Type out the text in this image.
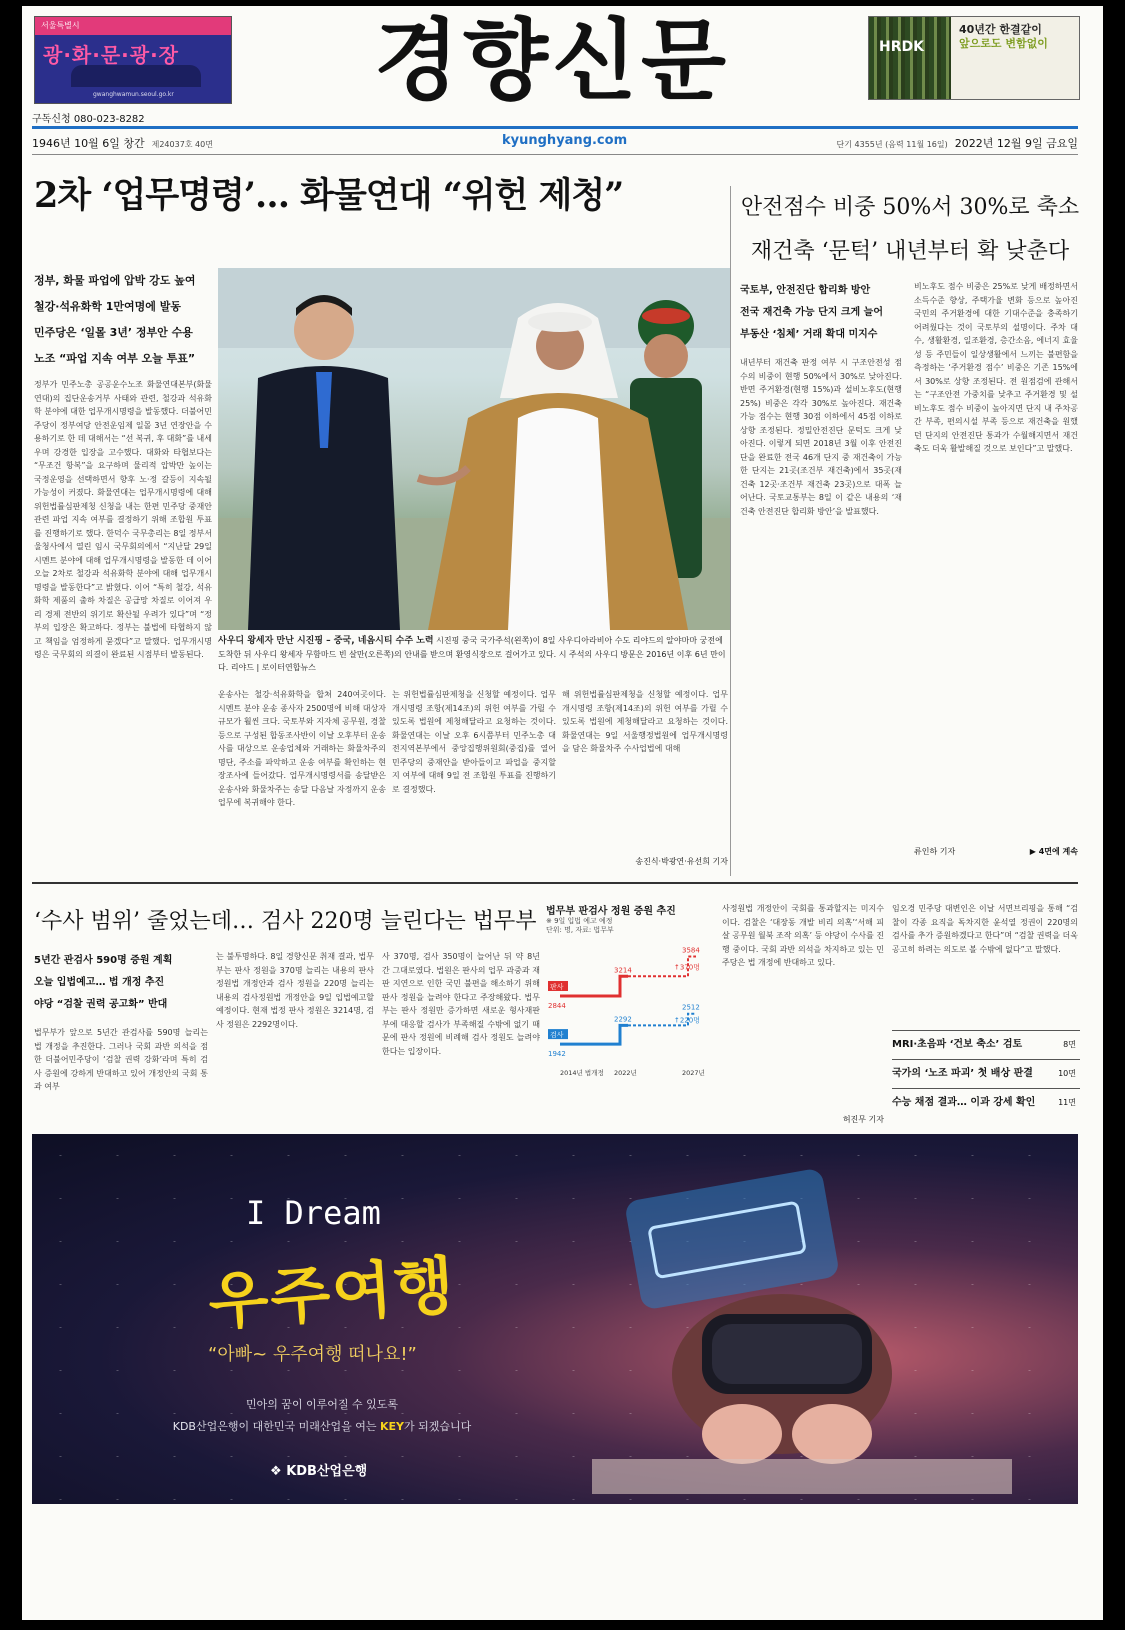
서울특별시
광·화·문·광·장
gwanghwamun.seoul.go.kr	경향신문	HRDK
40년간 한결같이
앞으로도 변함없이
구독신청 080-023-8282
1946년 10월 6일 창간 제24037호 40면	kyunghyang.com	단기 4355년 (음력 11월 16일) 2022년 12월 9일 금요일
2차 ‘업무명령’… 화물연대 “위헌 제청”
정부, 화물 파업에 압박 강도 높여
철강·석유화학 1만여명에 발동
민주당은 ‘일몰 3년’ 정부안 수용
노조 “파업 지속 여부 오늘 투표”
정부가 민주노총 공공운수노조 화물연대본부(화물연대)의 집단운송거부 사태와 관련, 철강과 석유화학 분야에 대한 업무개시명령을 발동했다. 더불어민주당이 정부여당 안전운임제 일몰 3년 연장안을 수용하기로 한 데 대해서는 “선 복귀, 후 대화”를 내세우며 강경한 입장을 고수했다. 대화와 타협보다는 “무조건 항복”을 요구하며 물리적 압박만 높이는 국정운영을 선택하면서 향후 노·정 갈등이 지속될 가능성이 커졌다. 화물연대는 업무개시명령에 대해 위헌법률심판제청 신청을 내는 한편 민주당 중재안 관련 파업 지속 여부를 결정하기 위해 조합원 투표를 진행하기로 했다. 한덕수 국무총리는 8일 정부서울청사에서 열린 임시 국무회의에서 “지난달 29일 시멘트 분야에 대해 업무개시명령을 발동한 데 이어 오늘 2차로 철강과 석유화학 분야에 대해 업무개시명령을 발동한다”고 밝혔다. 이어 “특히 철강, 석유화학 제품의 출하 차질은 공급망 차질로 이어져 우리 경제 전반의 위기로 확산될 우려가 있다”며 “정부의 입장은 확고하다. 정부는 불법에 타협하지 않고 책임을 엄정하게 묻겠다”고 말했다. 업무개시명령은 국무회의 의결이 완료된 시점부터 발동된다.
사우디 왕세자 만난 시진핑 – 중국, 네옴시티 수주 노력 시진핑 중국 국가주석(왼쪽)이 8일 사우디아라비아 수도 리야드의 알야마마 궁전에 도착한 뒤 사우디 왕세자 무함마드 빈 살만(오른쪽)의 안내를 받으며 환영식장으로 걸어가고 있다. 시 주석의 사우디 방문은 2016년 이후 6년 만이다. 리야드 | 로이터연합뉴스
운송사는 철강·석유화학을 합쳐 240여곳이다. 시멘트 분야 운송 종사자 2500명에 비해 대상자 규모가 훨씬 크다. 국토부와 지자체 공무원, 경찰 등으로 구성된 합동조사반이 이날 오후부터 운송사를 대상으로 운송업체와 거래하는 화물차주의 명단, 주소를 파악하고 운송 여부를 확인하는 현장조사에 들어갔다. 업무개시명령서를 송달받은 운송사와 화물차주는 송달 다음날 자정까지 운송업무에 복귀해야 한다.
는 위헌법률심판제청을 신청할 예정이다. 업무개시명령 조항(제14조)의 위헌 여부를 가릴 수 있도록 법원에 제청해달라고 요청하는 것이다. 화물연대는 이날 오후 6시쯤부터 민주노총 대전지역본부에서 중앙집행위원회(중집)를 열어 민주당의 중재안을 받아들이고 파업을 중지할지 여부에 대해 9일 전 조합원 투표를 진행하기로 결정했다.
해 위헌법률심판제청을 신청할 예정이다. 업무개시명령 조항(제14조)의 위헌 여부를 가릴 수 있도록 법원에 제청해달라고 요청하는 것이다. 화물연대는 9일 서울행정법원에 업무개시명령을 담은 화물차주 수사업법에 대해
송진식·박광연·유선희 기자
안전점수 비중 50%서 30%로 축소
재건축 ‘문턱’ 내년부터 확 낮춘다
국토부, 안전진단 합리화 방안
전국 재건축 가능 단지 크게 늘어
부동산 ‘침체’ 거래 확대 미지수
내년부터 재건축 판정 여부 시 구조안전성 점수의 비중이 현행 50%에서 30%로 낮아진다. 반면 주거환경(현행 15%)과 설비노후도(현행 25%) 비중은 각각 30%로 높아진다. 재건축 가능 점수는 현행 30점 이하에서 45점 이하로 상향 조정된다. 정밀안전진단 문턱도 크게 낮아진다. 이렇게 되면 2018년 3월 이후 안전진단을 완료한 전국 46개 단지 중 재건축이 가능한 단지는 21곳(조건부 재건축)에서 35곳(재건축 12곳·조건부 재건축 23곳)으로 대폭 늘어난다. 국토교통부는 8일 이 같은 내용의 ‘재건축 안전진단 합리화 방안’을 발표했다.
비노후도 점수 비중은 25%로 낮게 배정하면서 소득수준 향상, 주택가율 변화 등으로 높아진 국민의 주거환경에 대한 기대수준을 충족하기 어려웠다는 것이 국토부의 설명이다. 주차 대수, 생활환경, 일조환경, 층간소음, 에너지 효율성 등 주민들이 일상생활에서 느끼는 불편함을 측정하는 ‘주거환경 점수’ 비중은 기존 15%에서 30%로 상향 조정된다. 전 원점검에 관해서는 “구조안전 가중치를 낮추고 주거환경 및 설비노후도 점수 비중이 높아지면 단지 내 주차공간 부족, 편의시설 부족 등으로 재건축을 원했던 단지의 안전진단 통과가 수월해지면서 재건축도 더욱 활발해질 것으로 보인다”고 말했다.
류인하 기자	▶ 4면에 계속
‘수사 범위’ 줄었는데… 검사 220명 늘린다는 법무부
5년간 관검사 590명 증원 계획
오늘 입법예고… 법 개정 추진
야당 “검찰 권력 공고화” 반대
법무부가 앞으로 5년간 관검사를 590명 늘리는 법 개정을 추진한다. 그러나 국회 과반 의석을 점한 더불어민주당이 ‘검찰 권력 강화’라며 특히 검사 증원에 강하게 반대하고 있어 개정안의 국회 통과 여부
는 불투명하다. 8일 경향신문 취재 결과, 법무부는 판사 정원을 370명 늘리는 내용의 판사정원법 개정안과 검사 정원을 220명 늘리는 내용의 검사정원법 개정안을 9일 입법예고할 예정이다. 현재 법정 판사 정원은 3214명, 검사 정원은 2292명이다.
사 370명, 검사 350명이 늘어난 뒤 약 8년 간 그대로였다. 법원은 판사의 업무 과중과 재판 지연으로 인한 국민 불편을 해소하기 위해 판사 정원을 늘려야 한다고 주장해왔다. 법무부는 판사 정원만 증가하면 새로운 형사재판부에 대응할 검사가 부족해질 수밖에 없기 때문에 판사 정원에 비례해 검사 정원도 늘려야 한다는 입장이다.
법무부 판검사 정원 증원 추진
※ 9일 입법 예고 예정
단위: 명, 자료: 법무부
2844
3214
3584
판사
↑370명
1942
2292
2512
검사
↑220명
2014년 법개정 2022년	2027년
사정원법 개정안이 국회를 통과할지는 미지수이다. 검찰은 ‘대장동 개발 비리 의혹’‘서해 피살 공무원 월북 조작 의혹’ 등 야당이 수사를 진행 중이다. 국회 과반 의석을 차지하고 있는 민주당은 법 개정에 반대하고 있다.
임오경 민주당 대변인은 이날 서면브리핑을 통해 “검찰이 각종 요직을 독차지한 윤석열 정권이 220명의 검사를 추가 증원하겠다고 한다”며 “검찰 권력을 더욱 공고히 하려는 의도로 볼 수밖에 없다”고 말했다.
허진무 기자
MRI·초음파 ‘건보 축소’ 검토	8면
국가의 ‘노조 파괴’ 첫 배상 판결	10면
수능 채점 결과… 이과 강세 확인	11면
I Dream
우주여행
“아빠~ 우주여행 떠나요!”
민아의 꿈이 이루어질 수 있도록
KDB산업은행이 대한민국 미래산업을 여는 KEY가 되겠습니다
❖ KDB산업은행
